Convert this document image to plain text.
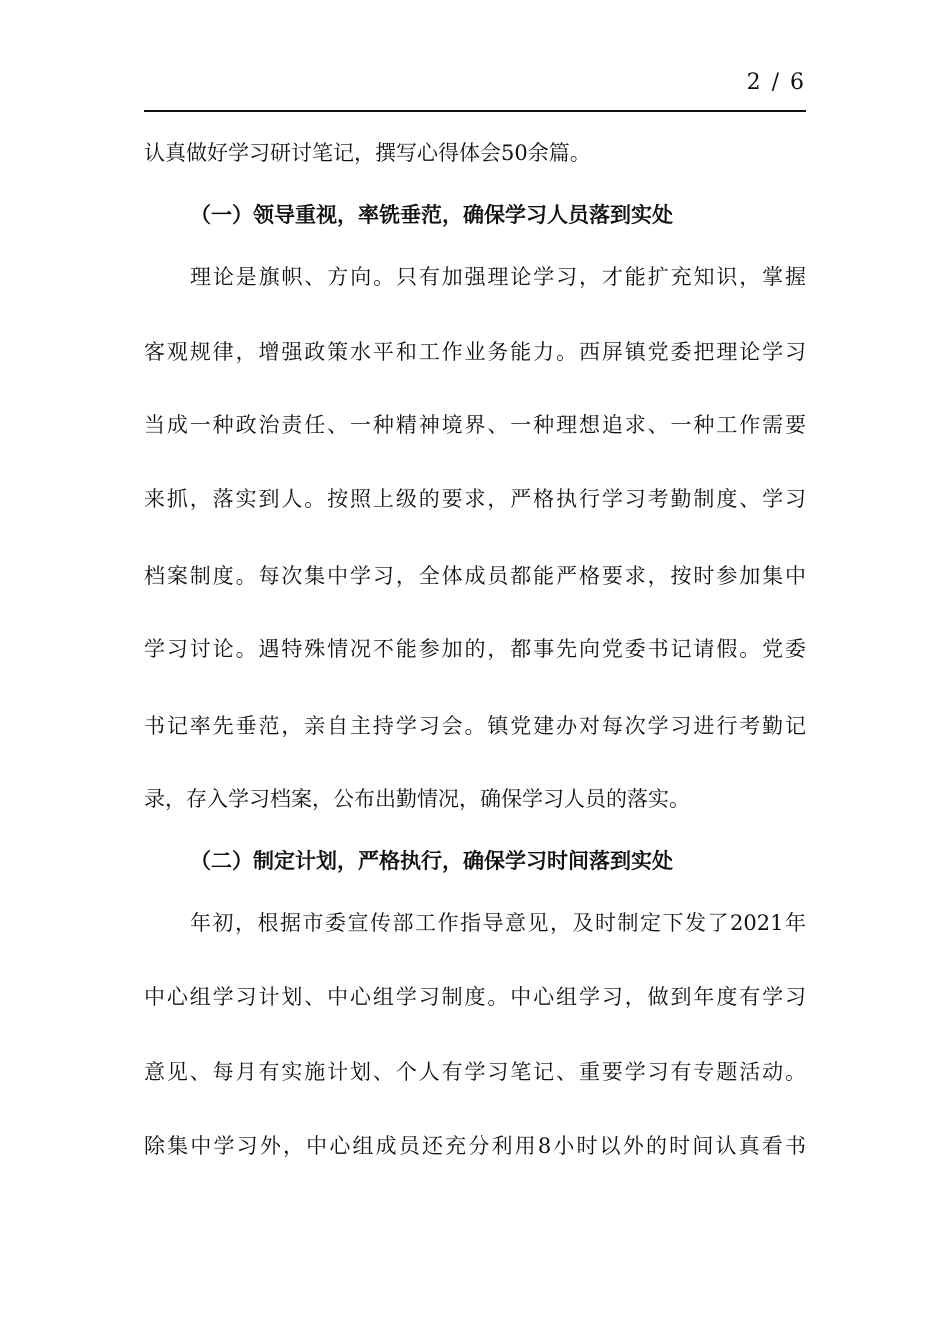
2 / 6
认真做好学习研讨笔记，撰写心得体会50余篇。
（一）领导重视，率铣垂范，确保学习人员落到实处
理论是旗帜、方向。只有加强理论学习，才能扩充知识，掌握
客观规律，增强政策水平和工作业务能力。西屏镇党委把理论学习
当成一种政治责任、一种精神境界、一种理想追求、一种工作需要
来抓，落实到人。按照上级的要求，严格执行学习考勤制度、学习
档案制度。每次集中学习，全体成员都能严格要求，按时参加集中
学习讨论。遇特殊情况不能参加的，都事先向党委书记请假。党委
书记率先垂范，亲自主持学习会。镇党建办对每次学习进行考勤记
录，存入学习档案，公布出勤情况，确保学习人员的落实。
（二）制定计划，严格执行，确保学习时间落到实处
年初，根据市委宣传部工作指导意见，及时制定下发了2021年
中心组学习计划、中心组学习制度。中心组学习，做到年度有学习
意见、每月有实施计划、个人有学习笔记、重要学习有专题活动。
除集中学习外，中心组成员还充分利用8小时以外的时间认真看书
